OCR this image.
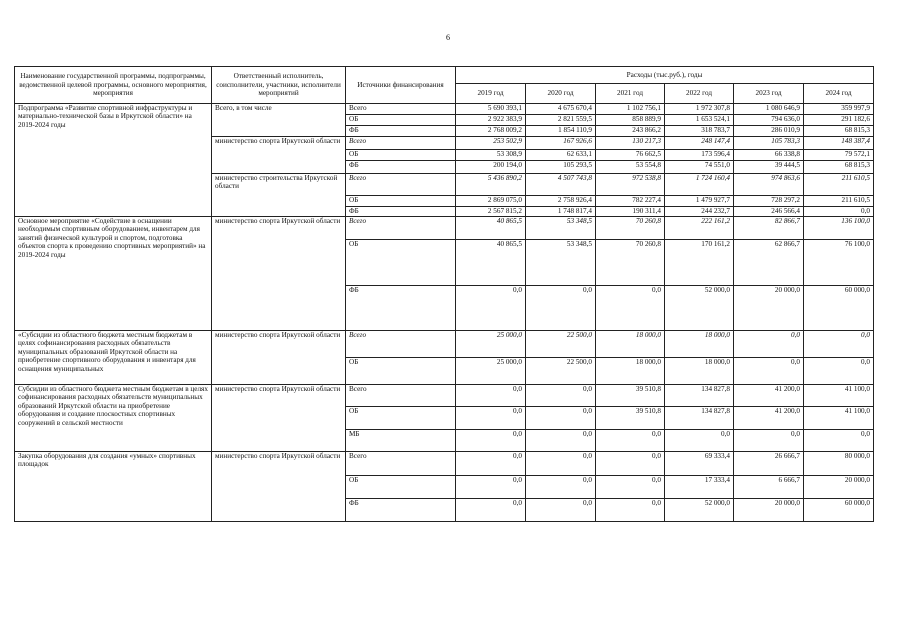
6
Наименование государственной программы, подпрограммы, ведомственной целевой программы, основного мероприятия, мероприятия	Ответственный исполнитель, соисполнители, участники, исполнители мероприятий	Источники финансирования	Расходы (тыс.руб.), годы					
			2019 год	2020 год	2021 год	2022 год	2023 год	2024 год
Подпрограмма «Развитие спортивной инфраструктуры и материально-технической базы в Иркутской области» на 2019-2024 годы	Всего, в том числе	Всего	5 690 393,1	4 675 670,4	1 102 756,1	1 972 307,8	1 080 646,9	359 997,9
		ОБ	2 922 383,9	2 821 559,5	858 889,9	1 653 524,1	794 636,0	291 182,6
		ФБ	2 768 009,2	1 854 110,9	243 866,2	318 783,7	286 010,9	68 815,3
	министерство спорта Иркутской области	Всего	253 502,9	167 926,6	130 217,3	248 147,4	105 783,3	148 387,4
		ОБ	53 308,9	62 633,1	76 662,5	173 596,4	66 338,8	79 572,1
		ФБ	200 194,0	105 293,5	53 554,8	74 551,0	39 444,5	68 815,3
	министерство строительства Иркутской области	Всего	5 436 890,2	4 507 743,8	972 538,8	1 724 160,4	974 863,6	211 610,5
		ОБ	2 869 075,0	2 758 926,4	782 227,4	1 479 927,7	728 297,2	211 610,5
		ФБ	2 567 815,2	1 748 817,4	190 311,4	244 232,7	246 566,4	0,0
Основное мероприятие «Содействие в оснащении необходимым спортивным оборудованием, инвентарем для занятий физической культурой и спортом, подготовка объектов спорта к проведению спортивных мероприятий» на 2019-2024 годы	министерство спорта Иркутской области	Всего	40 865,5	53 348,5	70 260,8	222 161,2	82 866,7	136 100,0
		ОБ	40 865,5	53 348,5	70 260,8	170 161,2	62 866,7	76 100,0
		ФБ	0,0	0,0	0,0	52 000,0	20 000,0	60 000,0
«Субсидии из областного бюджета местным бюджетам в целях софинансирования расходных обязательств муниципальных образований Иркутской области на приобретение спортивного оборудования и инвентаря для оснащения муниципальных	министерство спорта Иркутской области	Всего	25 000,0	22 500,0	18 000,0	18 000,0	0,0	0,0
		ОБ	25 000,0	22 500,0	18 000,0	18 000,0	0,0	0,0
Субсидии из областного бюджета местным бюджетам в целях софинансирования расходных обязательств муниципальных образований Иркутской области на приобретение оборудования и создание плоскостных спортивных сооружений в сельской местности	министерство спорта Иркутской области	Всего	0,0	0,0	39 510,8	134 827,8	41 200,0	41 100,0
		ОБ	0,0	0,0	39 510,8	134 827,8	41 200,0	41 100,0
		МБ	0,0	0,0	0,0	0,0	0,0	0,0
Закупка оборудования для создания «умных» спортивных площадок	министерство спорта Иркутской области	Всего	0,0	0,0	0,0	69 333,4	26 666,7	80 000,0
		ОБ	0,0	0,0	0,0	17 333,4	6 666,7	20 000,0
		ФБ	0,0	0,0	0,0	52 000,0	20 000,0	60 000,0
